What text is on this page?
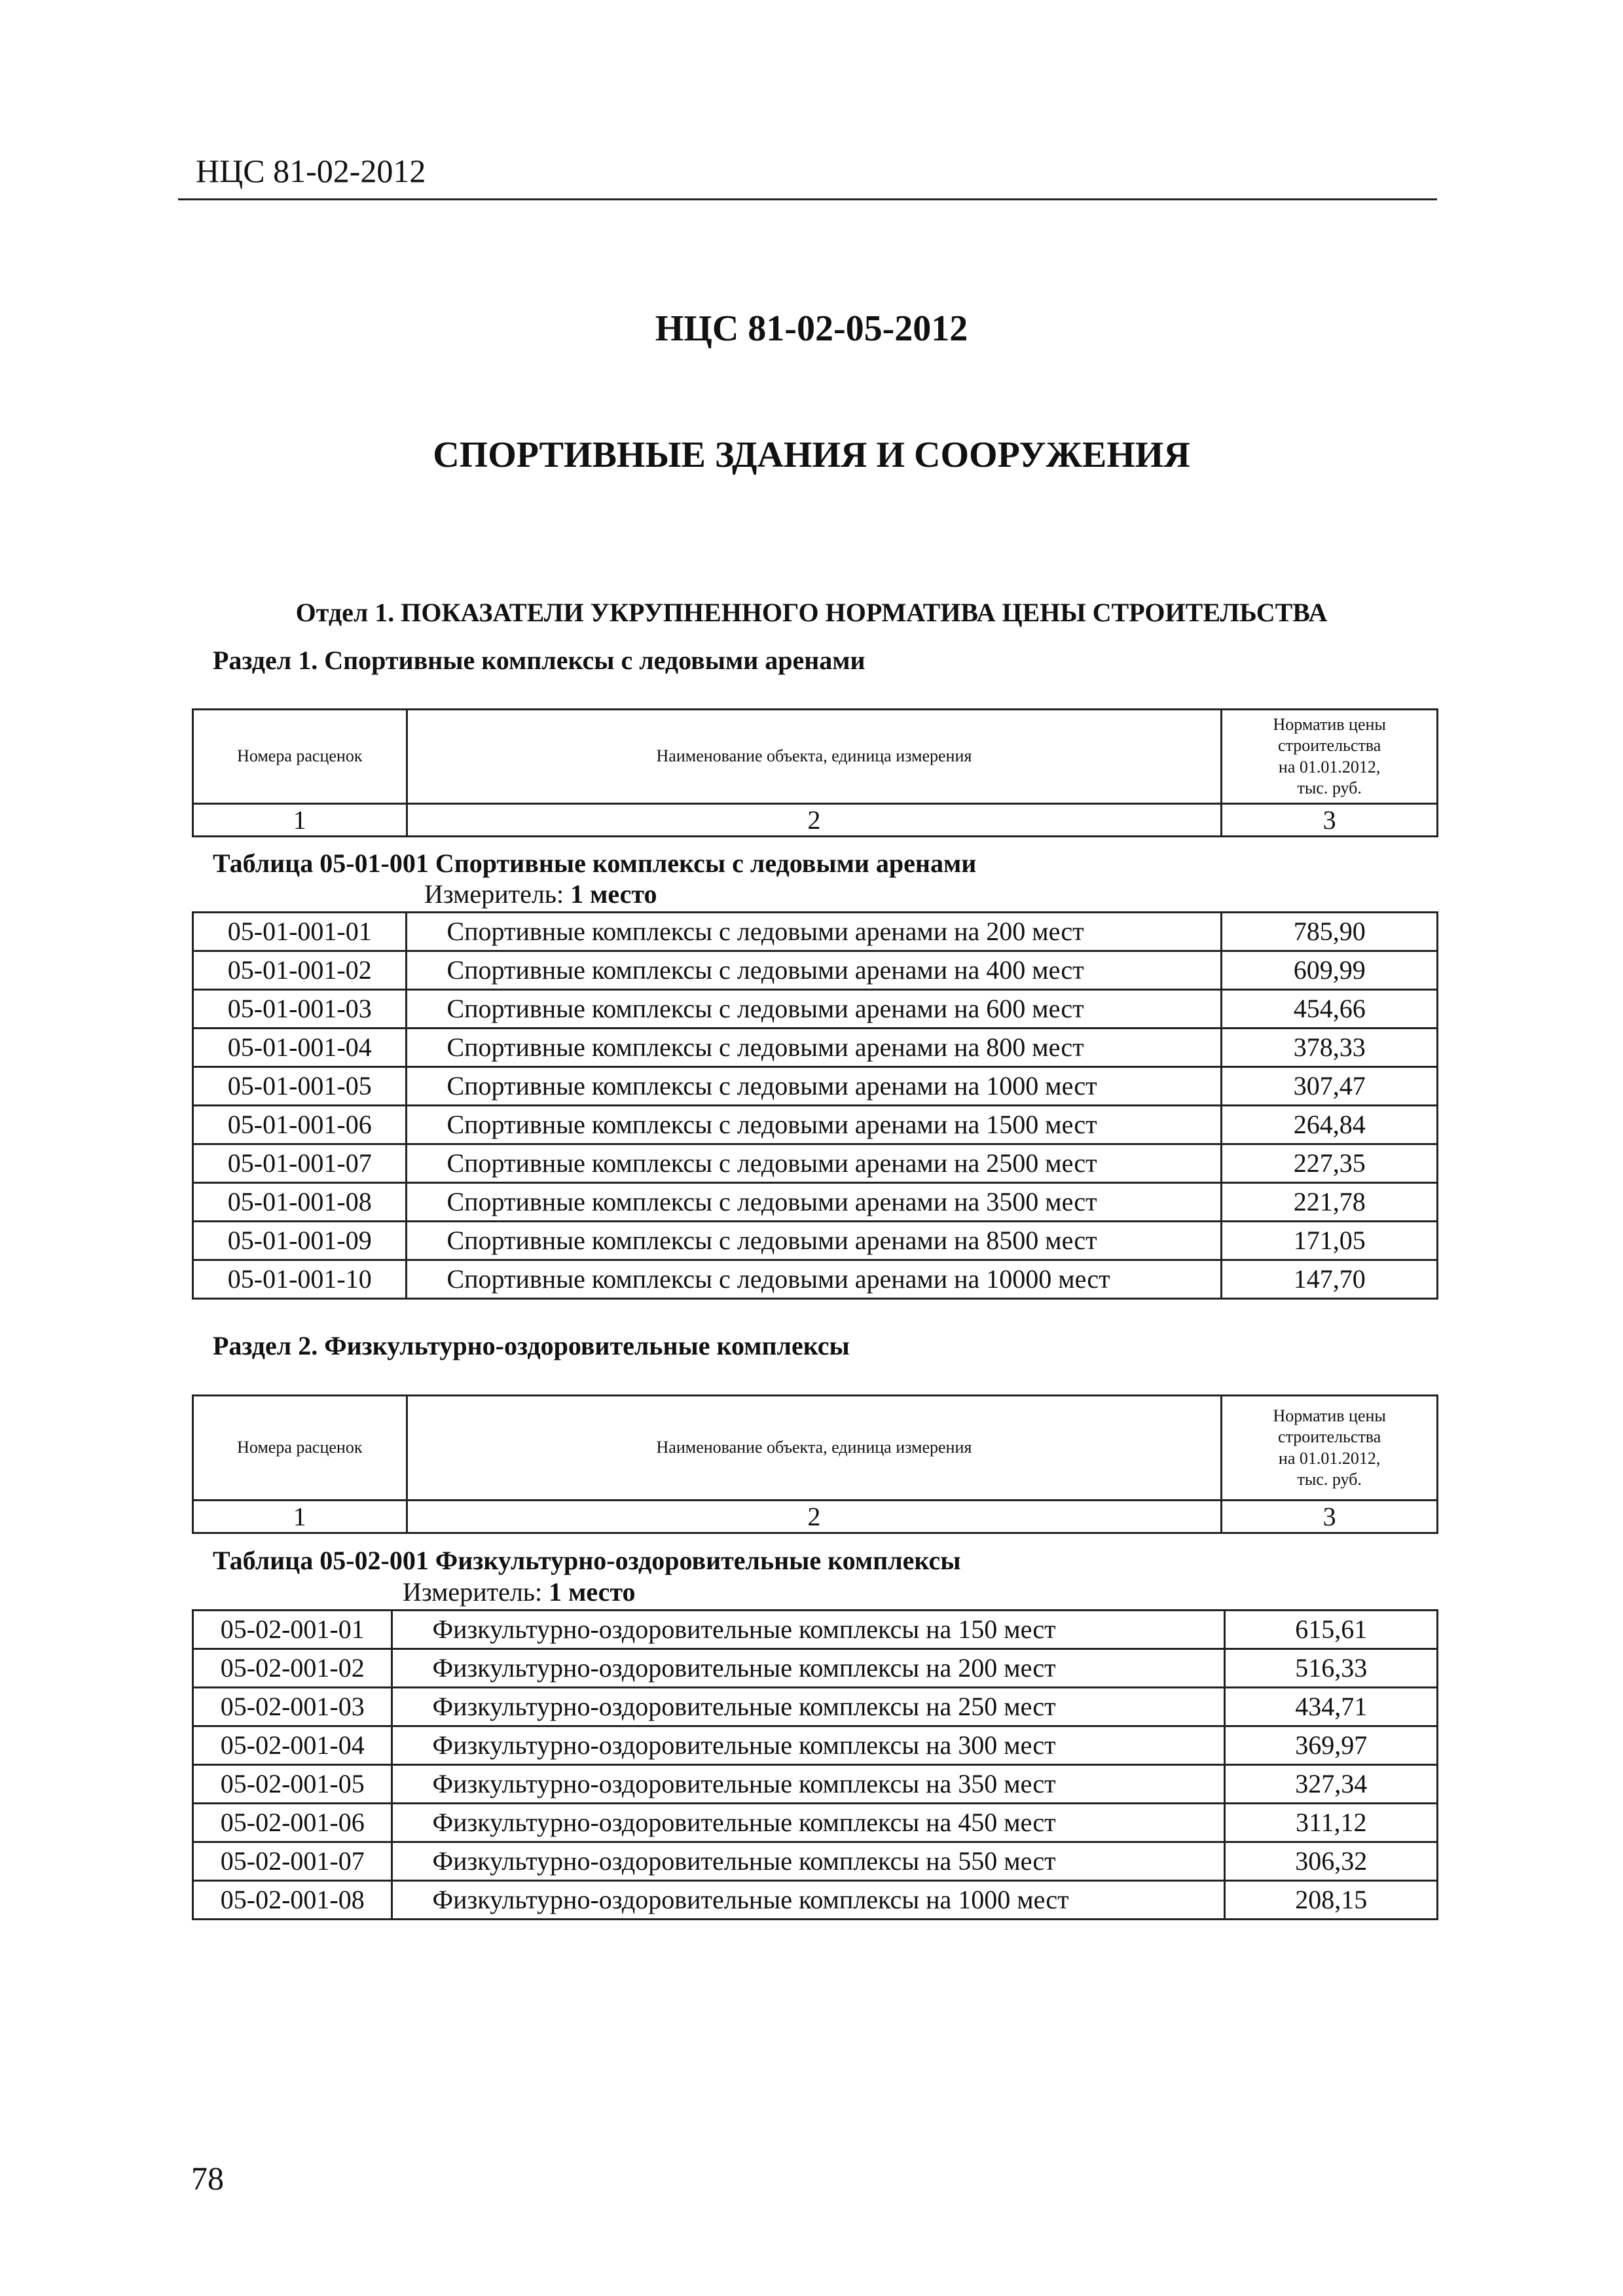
НЦС 81-02-2012
НЦС 81-02-05-2012
СПОРТИВНЫЕ ЗДАНИЯ И СООРУЖЕНИЯ
Отдел 1. ПОКАЗАТЕЛИ УКРУПНЕННОГО НОРМАТИВА ЦЕНЫ СТРОИТЕЛЬСТВА
Раздел 1. Спортивные комплексы с ледовыми аренами
Номера расценок	Наименование объекта, единица измерения	Норматив цены
строительства
на 01.01.2012,
тыс. руб.

1	2	3
Таблица 05-01-001 Спортивные комплексы с ледовыми аренами
Измеритель: 1 место
05-01-001-01	Спортивные комплексы с ледовыми аренами на 200 мест	785,90
05-01-001-02	Спортивные комплексы с ледовыми аренами на 400 мест	609,99
05-01-001-03	Спортивные комплексы с ледовыми аренами на 600 мест	454,66
05-01-001-04	Спортивные комплексы с ледовыми аренами на 800 мест	378,33
05-01-001-05	Спортивные комплексы с ледовыми аренами на 1000 мест	307,47
05-01-001-06	Спортивные комплексы с ледовыми аренами на 1500 мест	264,84
05-01-001-07	Спортивные комплексы с ледовыми аренами на 2500 мест	227,35
05-01-001-08	Спортивные комплексы с ледовыми аренами на 3500 мест	221,78
05-01-001-09	Спортивные комплексы с ледовыми аренами на 8500 мест	171,05
05-01-001-10	Спортивные комплексы с ледовыми аренами на 10000 мест	147,70
Раздел 2. Физкультурно-оздоровительные комплексы
Номера расценок	Наименование объекта, единица измерения	Норматив цены
строительства
на 01.01.2012,
тыс. руб.

1	2	3
Таблица 05-02-001 Физкультурно-оздоровительные комплексы
Измеритель: 1 место
05-02-001-01	Физкультурно-оздоровительные комплексы на 150 мест	615,61
05-02-001-02	Физкультурно-оздоровительные комплексы на 200 мест	516,33
05-02-001-03	Физкультурно-оздоровительные комплексы на 250 мест	434,71
05-02-001-04	Физкультурно-оздоровительные комплексы на 300 мест	369,97
05-02-001-05	Физкультурно-оздоровительные комплексы на 350 мест	327,34
05-02-001-06	Физкультурно-оздоровительные комплексы на 450 мест	311,12
05-02-001-07	Физкультурно-оздоровительные комплексы на 550 мест	306,32
05-02-001-08	Физкультурно-оздоровительные комплексы на 1000 мест	208,15
78
